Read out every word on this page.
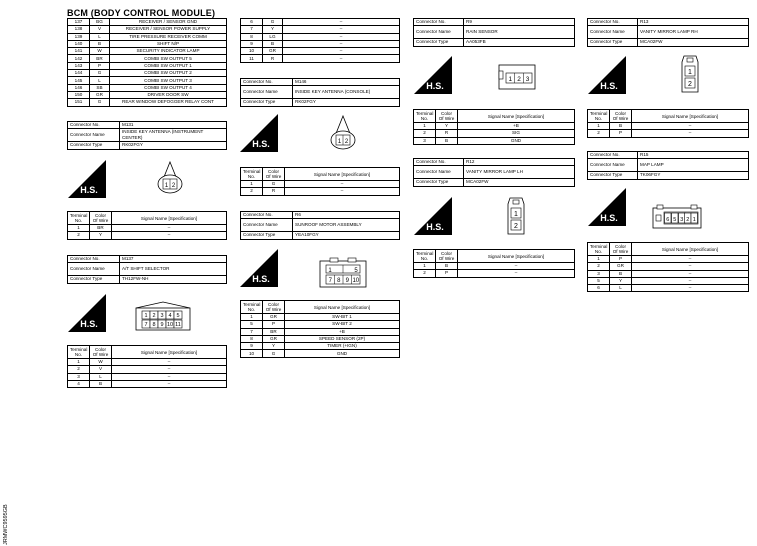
BCM (BODY CONTROL MODULE)
137	BG	RECEIVER / SENSOR GND
138	V	RECEIVER / SENSOR POWER SUPPLY
139	L	TIRE PRESSURE RECEIVER COMM
140	B	SHIFT N/P
141	W	SECURITY INDICATOR LAMP
142	BR	COMBI SW OUTPUT 5
143	P	COMBI SW OUTPUT 1
144	G	COMBI SW OUTPUT 2
145	L	COMBI SW OUTPUT 3
146	SB	COMBI SW OUTPUT 4
150	GR	DRIVER DOOR SW
151	G	REAR WINDOW DEFOGGER RELAY CONT
6	G	–
7	Y	–
8	LG	–
9	B	–
10	GR	–
11	R	–
Connector No.	M131
Connector Name	INSIDE KEY ANTENNA (INSTRUMENT CENTER)
Connector Type	RK02FGY
H.S.	1 2
Terminal No.	Color Of Wire	Signal Name [Specification]
1	BR	–
2	Y	–
Connector No.	M137
Connector Name	A/T SHIFT SELECTOR
Connector Type	TH12FW-NH
H.S.
1 2 3 4 5
7 8 9 10 11
Terminal No.	Color Of Wire	Signal Name [Specification]
1	W	–
2	V	–
3	L	–
4	B	–
Connector No.	M146
Connector Name	INSIDE KEY ANTENNA (CONSOLE)
Connector Type	RK02FGY
H.S.	1 2
Terminal No.	Color Of Wire	Signal Name [Specification]
1	G	–
2	R	–
Connector No.	R6
Connector Name	SUNROOF MOTOR ASSEMBLY
Connector Type	YEA10FGY
H.S.
1	5
7 8 9 10
Terminal No.	Color Of Wire	Signal Name [Specification]
1	GR	SW-BIT 1
5	P	SW-BIT 2
7	BR	+B
8	GR	SPEED SENSOR (2P)
9	Y	TIMER (+IGN)
10	G	GND
Connector No.	R9
Connector Name	RAIN SENSOR
Connector Type	AA053FB
H.S.
1 2 3
Terminal No.	Color Of Wire	Signal Name [Specification]
1	Y	+B
2	R	SIG
3	B	GND
Connector No.	R12
Connector Name	VANITY MIRROR LAMP LH
Connector Type	MCA02FW
H.S.
1
2
Terminal No.	Color Of Wire	Signal Name [Specification]
1	B	–
2	P	–
Connector No.	R13
Connector Name	VANITY MIRROR LAMP RH
Connector Type	MCA02FW
H.S.
1
2
Terminal No.	Color Of Wire	Signal Name [Specification]
1	B	–
2	P	–
Connector No.	R15
Connector Name	MAP LAMP
Connector Type	TK06FGY
H.S.	6 5 3 2 1
Terminal No.	Color Of Wire	Signal Name [Specification]
1	P	–
2	GR	–
3	B	–
5	Y	–
6	L	–
JRMWC9595GB
